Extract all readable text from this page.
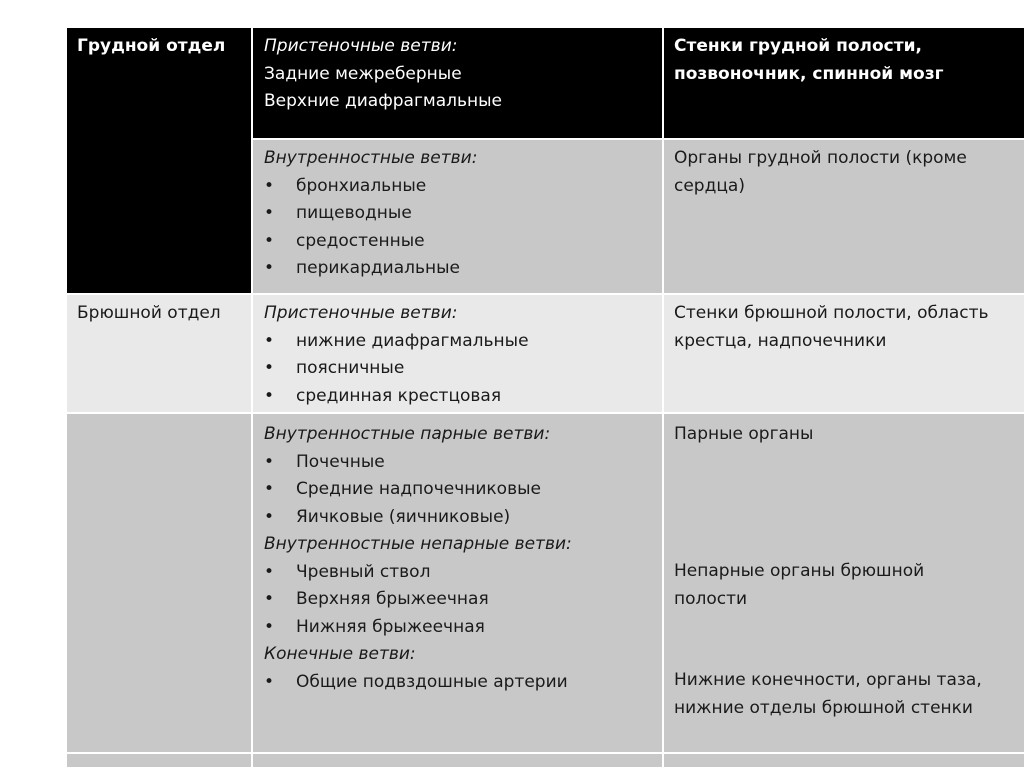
Грудной отдел	Пристеночные ветви:

Задние межреберные

Верхние диафрагмальные

Стенки грудной полости, позвоночник, спинной мозг

Внутренностные ветви:

• бронхиальные
• пищеводные
• средостенные
• перикардиальные
Органы грудной полости (кроме сердца)
Брюшной отдел	Пристеночные ветви:

• нижние диафрагмальные
• поясничные
• срединная крестцовая
Стенки брюшной полости, область крестца, надпочечники

Внутренностные парные ветви:

• Почечные
• Средние надпочечниковые
• Яичковые (яичниковые)

Внутренностные непарные ветви:

• Чревный ствол
• Верхняя брыжеечная
• Нижняя брыжеечная

Конечные ветви:

• Общие подвздошные артерии
Парные органы
Непарные органы брюшной полости
Нижние конечности, органы таза, нижние отделы брюшной стенки
